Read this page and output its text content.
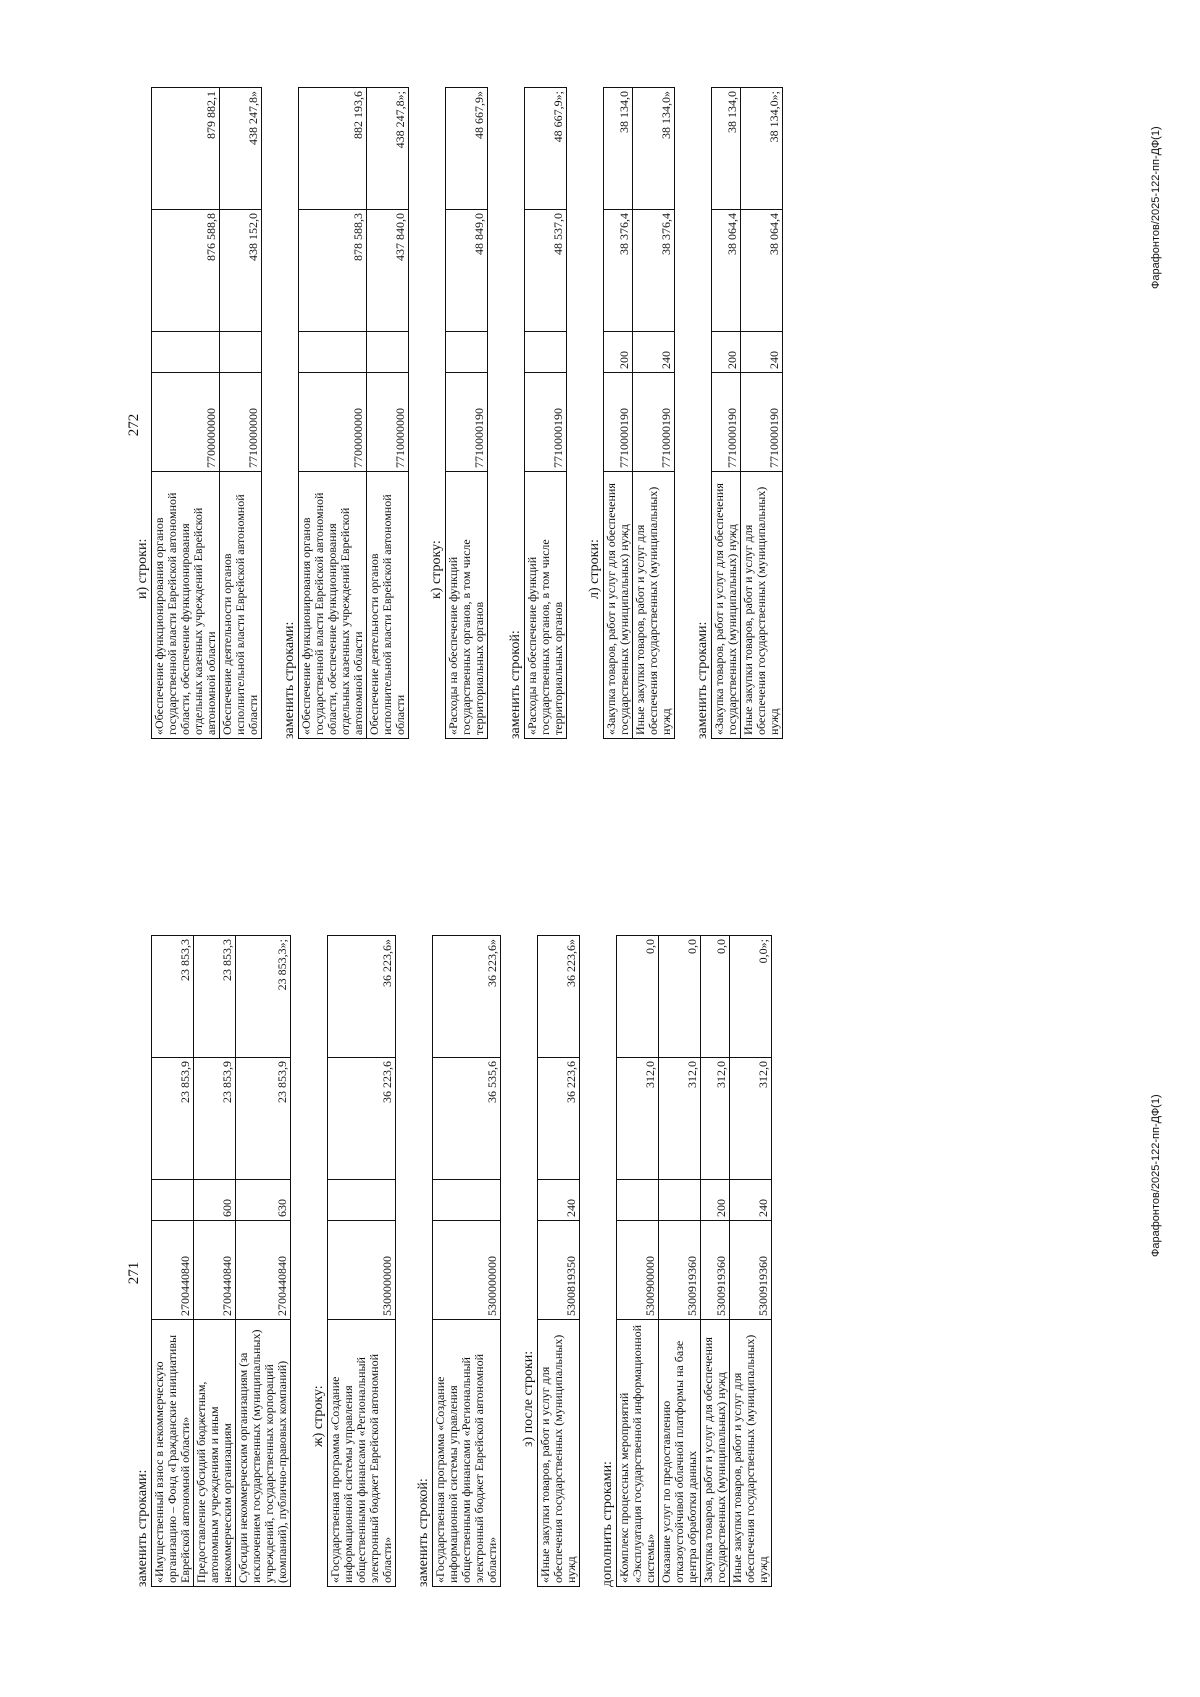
271

заменить строками: «Имущественный взнос в некоммерческую организацию – Фонд «Гражданские инициативы Еврейской автономной области»	2700440840		23 853,9	23 853,3
Предоставление субсидий бюджетным, автономным учреждениям и иным некоммерческим организациям	2700440840	600	23 853,9	23 853,3
Субсидии некоммерческим организациям (за исключением государственных (муниципальных) учреждений, государственных корпораций (компаний), публично-правовых компаний)	2700440840	630	23 853,9	23 853,3»;

ж) строку: «Государственная программа «Создание информационной системы управления общественными финансами «Региональный электронный бюджет Еврейской автономной области»	5300000000		36 223,6	36 223,6»

заменить строкой: «Государственная программа «Создание информационной системы управления общественными финансами «Региональный электронный бюджет Еврейской автономной области»	5300000000		36 535,6	36 223,6»

з) после строки: «Иные закупки товаров, работ и услуг для обеспечения государственных (муниципальных) нужд	5300819350	240	36 223,6	36 223,6»

дополнить строками: «Комплекс процессных мероприятий «Эксплуатация государственной информационной системы»	5300900000		312,0	0,0
Оказание услуг по предоставлению отказоустойчивой облачной платформы на базе центра обработки данных	5300919360		312,0	0,0
Закупка товаров, работ и услуг для обеспечения государственных (муниципальных) нужд	5300919360	200	312,0	0,0
Иные закупки товаров, работ и услуг для обеспечения государственных (муниципальных) нужд	5300919360	240	312,0	0,0»;
Фарафонтов/2025-122-пп-ДФ(1)
272

и) строки: «Обеспечение функционирования органов государственной власти Еврейской автономной области, обеспечение функционирования отдельных казенных учреждений Еврейской автономной области	7700000000		876 588,8	879 882,1
Обеспечение деятельности органов исполнительной власти Еврейской автономной области	7710000000		438 152,0	438 247,8»

заменить строками: «Обеспечение функционирования органов государственной власти Еврейской автономной области, обеспечение функционирования отдельных казенных учреждений Еврейской автономной области	7700000000		878 588,3	882 193,6
Обеспечение деятельности органов исполнительной власти Еврейской автономной области	7710000000		437 840,0	438 247,8»;

к) строку: «Расходы на обеспечение функций государственных органов, в том числе территориальных органов	7710000190		48 849,0	48 667,9»

заменить строкой: «Расходы на обеспечение функций государственных органов, в том числе территориальных органов	7710000190		48 537,0	48 667,9»;

л) строки: «Закупка товаров, работ и услуг для обеспечения государственных (муниципальных) нужд	7710000190	200	38 376,4	38 134,0
Иные закупки товаров, работ и услуг для обеспечения государственных (муниципальных) нужд	7710000190	240	38 376,4	38 134,0»

заменить строками: «Закупка товаров, работ и услуг для обеспечения государственных (муниципальных) нужд	7710000190	200	38 064,4	38 134,0
Иные закупки товаров, работ и услуг для обеспечения государственных (муниципальных) нужд	7710000190	240	38 064,4	38 134,0»;
Фарафонтов/2025-122-пп-ДФ(1)
